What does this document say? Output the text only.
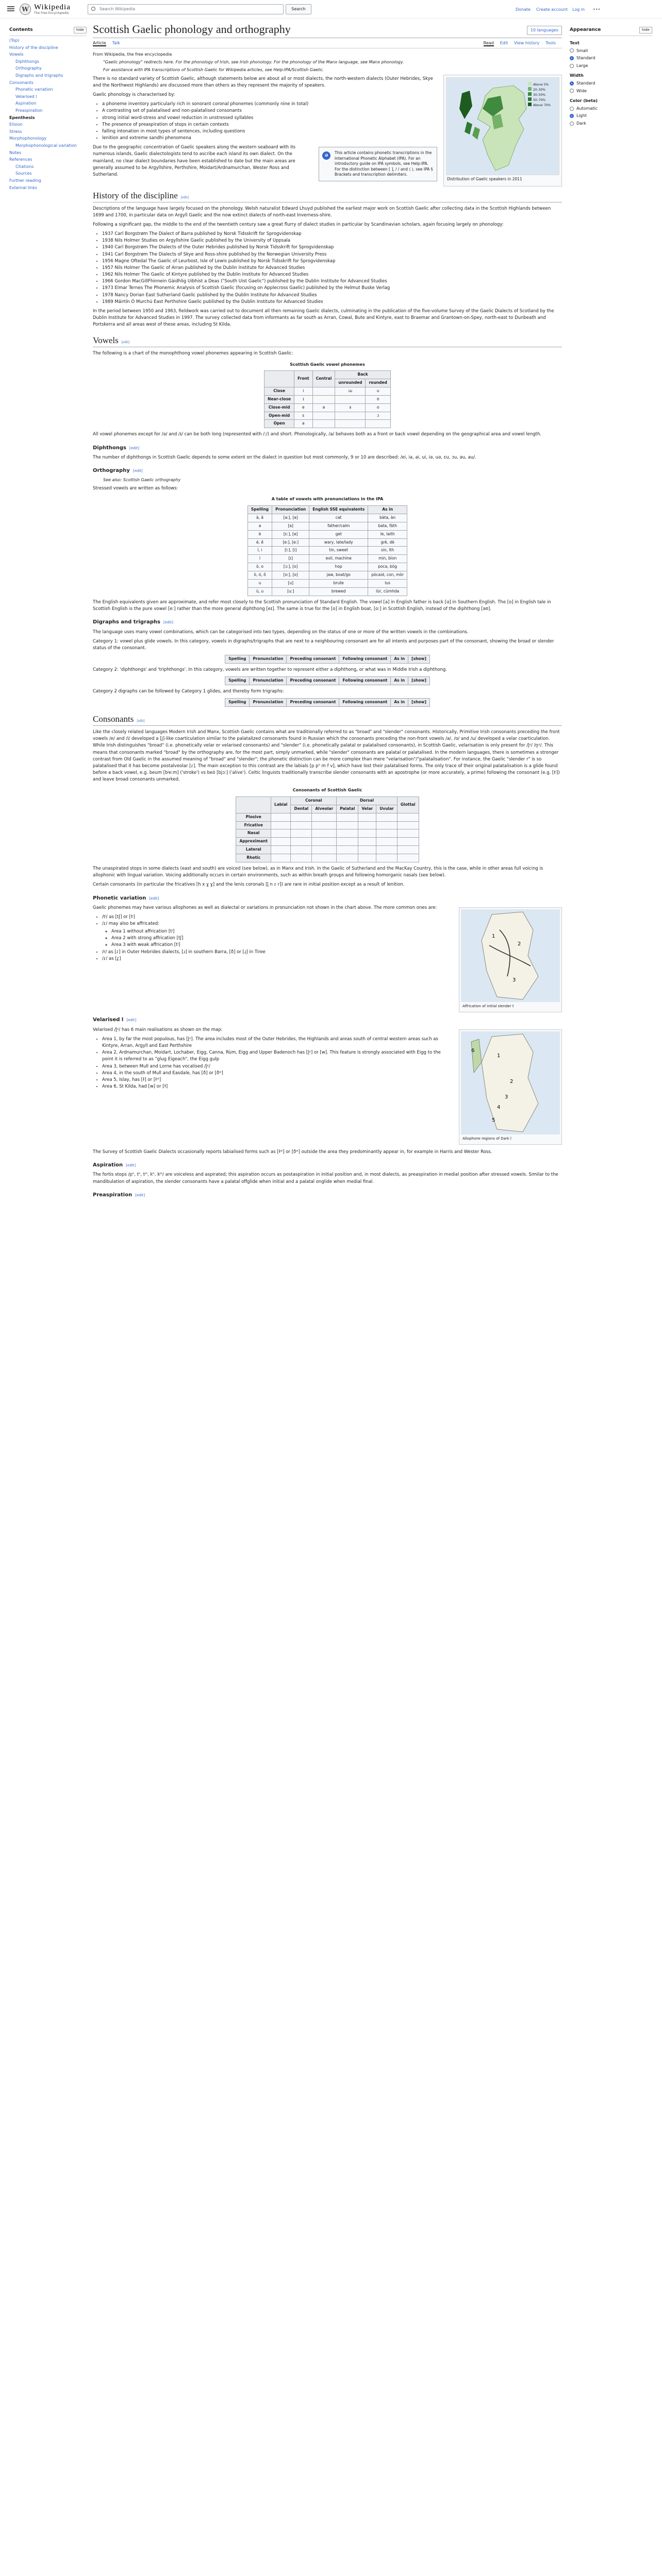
W Wikipedia
The Free Encyclopedia
Search Wikipedia	Search	Donate Create account Log in •••
Contents	hide
(Top)
History of the discipline
Vowels
Diphthongs
Orthography
Digraphs and trigraphs
Consonants
Phonetic variation
Velarised l
Aspiration
Preaspiration
Epenthesis
Elision
Stress
Morphophonology
Morphophonological variation
Notes
References
Citations
Sources
Further reading
External links
Appearance	hide
Text
Small
Standard
Large
Width
Standard
Wide
Color (beta)
Automatic
Light
Dark
Scottish Gaelic phonology and orthography	10 languages
Article Talk	Read Edit View history Tools
From Wikipedia, the free encyclopedia
"Gaelic phonology" redirects here. For the phonology of Irish, see Irish phonology. For the phonology of the Manx language, see Manx phonology.
For assistance with IPA transcriptions of Scottish Gaelic for Wikipedia articles, see Help:IPA/Scottish Gaelic.
Above 5%
20–30%
30–50%
50–70%
Above 70%
Distribution of Gaelic speakers in 2011

There is no standard variety of Scottish Gaelic, although statements below are about all or most dialects, the north-western dialects (Outer Hebrides, Skye and the Northwest Highlands) are discussed more than others as they represent the majority of speakers.

Gaelic phonology is characterised by:

• a phoneme inventory particularly rich in sonorant coronal phonemes (commonly nine in total)
• A contrasting set of palatalised and non-palatalised consonants
• strong initial word-stress and vowel reduction in unstressed syllables
• The presence of preaspiration of stops in certain contexts
• falling intonation in most types of sentences, including questions
• lenition and extreme sandhi phenomena
ə	This article contains phonetic transcriptions in the International Phonetic Alphabet (IPA). For an introductory guide on IPA symbols, see Help:IPA. For the distinction between [ ], / / and ⟨ ⟩, see IPA § Brackets and transcription delimiters.

Due to the geographic concentration of Gaelic speakers along the western seaboard with its numerous islands, Gaelic dialectologists tend to ascribe each island its own dialect. On the mainland, no clear dialect boundaries have been established to date but the main areas are generally assumed to be Argyllshire, Perthshire, Moidart/Ardnamurchan, Wester Ross and Sutherland.

History of the discipline [edit]

Descriptions of the language have largely focused on the phonology. Welsh naturalist Edward Lhuyd published the earliest major work on Scottish Gaelic after collecting data in the Scottish Highlands between 1699 and 1700, in particular data on Argyll Gaelic and the now extinct dialects of north-east Inverness-shire.

Following a significant gap, the middle to the end of the twentieth century saw a great flurry of dialect studies in particular by Scandinavian scholars, again focusing largely on phonology:

• 1937 Carl Borgstrøm The Dialect of Barra published by Norsk Tidsskrift for Sprogvidenskap
• 1938 Nils Holmer Studies on Argyllshire Gaelic published by the University of Uppsala
• 1940 Carl Borgstrøm The Dialects of the Outer Hebrides published by Norsk Tidsskrift for Sprogvidenskap
• 1941 Carl Borgstrøm The Dialects of Skye and Ross-shire published by the Norwegian University Press
• 1956 Magne Oftedal The Gaelic of Leurbost, Isle of Lewis published by Norsk Tidsskrift for Sprogvidenskap
• 1957 Nils Holmer The Gaelic of Arran published by the Dublin Institute for Advanced Studies
• 1962 Nils Holmer The Gaelic of Kintyre published by the Dublin Institute for Advanced Studies
• 1966 Gordon MacGillFhinnein Gàidhlig Uibhist a Deas ("South Uist Gaelic") published by the Dublin Institute for Advanced Studies
• 1973 Elmar Ternes The Phonemic Analysis of Scottish Gaelic (focusing on Applecross Gaelic) published by the Helmut Buske Verlag
• 1978 Nancy Dorian East Sutherland Gaelic published by the Dublin Institute for Advanced Studies
• 1989 Máirtín Ó Murchú East Perthshire Gaelic published by the Dublin Institute for Advanced Studies

In the period between 1950 and 1963, fieldwork was carried out to document all then remaining Gaelic dialects, culminating in the publication of the five-volume Survey of the Gaelic Dialects of Scotland by the Dublin Institute for Advanced Studies in 1997. The survey collected data from informants as far south as Arran, Cowal, Bute and Kintyre, east to Braemar and Grantown-on-Spey, north-east to Dunbeath and Portskerra and all areas west of these areas, including St Kilda.

Vowels [edit]

The following is a chart of the monophthong vowel phonemes appearing in Scottish Gaelic:

Scottish Gaelic vowel phonemes
	Front	Central	Back	
			unrounded	rounded
Close	i		ɯ	u
Near-close	ɪ			ʊ
Close-mid	e	ə	ɤ	o
Open-mid	ɛ			ɔ
Open	a			

All vowel phonemes except for /ə/ and /ɪ/ can be both long (represented with /ː/) and short. Phonologically, /a/ behaves both as a front or back vowel depending on the geographical area and vowel length.

Diphthongs [edit]

The number of diphthongs in Scottish Gaelic depends to some extent on the dialect in question but most commonly, 9 or 10 are described: /ei, ia, ai, ui, iə, uə, ɛu, ɔu, əu, au/.

Orthography [edit]
See also: Scottish Gaelic orthography

Stressed vowels are written as follows:

A table of vowels with pronunciations in the IPA
Spelling	Pronunciation	English SSE equivalents	As in
à, â	[aː], [a]	cat	bàta, àn
a	[a]	father/calm	bata, fàth
è	[ɛː], [e]	get	le, laith
é, ê	[eː], [eː]	wary, late/lady	grè, dè
ì, i	[iː], [i]	tin, sweet	sin, ìth
ì	[ɪ]	evil, machine	min, bìon
ò, o	[ɔː], [o]	hop	poca, bòg
ò, ó, ô	[oː], [o]	jaw, boat/go	pòcaid, con, mòr
u	[u]	brute	lus
ù, u	[uː]	brewed	lùr, cùmhda

The English equivalents given are approximate, and refer most closely to the Scottish pronunciation of Standard English. The vowel [a] in English father is back [ɑ] in Southern English. The [o] in English tale in Scottish English is the pure vowel [eː] rather than the more general diphthong [eɪ]. The same is true for the [o] in English boat, [oː] in Scottish English, instead of the diphthong [əʊ].

Digraphs and trigraphs [edit]

The language uses many vowel combinations, which can be categorised into two types, depending on the status of one or more of the written vowels in the combinations.

Category 1: vowel plus glide vowels. In this category, vowels in digraphs/trigraphs that are next to a neighbouring consonant are for all intents and purposes part of the consonant, showing the broad or slender status of the consonant.

Spelling	Pronunciation	Preceding consonant	Following consonant	As in	[show]

Category 2: 'diphthongs' and 'triphthongs'. In this category, vowels are written together to represent either a diphthong, or what was in Middle Irish a diphthong.

Spelling	Pronunciation	Preceding consonant	Following consonant	As in	[show]

Category 2 digraphs can be followed by Category 1 glides, and thereby form trigraphs:

Spelling	Pronunciation	Preceding consonant	Following consonant	As in	[show]
Consonants [edit]

Like the closely related languages Modern Irish and Manx, Scottish Gaelic contains what are traditionally referred to as "broad" and "slender" consonants. Historically, Primitive Irish consonants preceding the front vowels /e/ and /i/ developed a [j]-like coarticulation similar to the palatalized consonants found in Russian which the consonants preceding the non-front vowels /a/, /o/ and /u/ developed a velar coarticulation. While Irish distinguishes "broad" (i.e. phonetically velar or velarised consonants) and "slender" (i.e. phonetically palatal or palatalised consonants), in Scottish Gaelic, velarisation is only present for /l̪ˠ/ /n̪ˠ/. This means that consonants marked "broad" by the orthography are, for the most part, simply unmarked, while "slender" consonants are palatal or palatalised. In the modern languages, there is sometimes a stronger contrast from Old Gaelic in the assumed meaning of "broad" and "slender"; the phonetic distinction can be more complex than mere "velarisation"/"palatalisation". For instance, the Gaelic "slender r" is so palatalised that it has become postalveolar [ɾ]. The main exception to this contrast are the labials [p pʰ m f v], which have lost their palatalised forms. The only trace of their original palatalisation is a glide found before a back vowel, e.g. beum [bʲeːm] ('stroke') vs beò [bjɔː] ('alive'). Celtic linguists traditionally transcribe slender consonants with an apostrophe (or more accurately, a prime) following the consonant (e.g. [tʲ]) and leave broad consonants unmarked.

Consonants of Scottish Gaelic
	Labial	Coronal		Dorsal			Glottal
		Dental	Alveolar	Palatal	Velar	Uvular	
Plosive							
Fricative							
Nasal							
Approximant							
Lateral							
Rhotic							

The unaspirated stops in some dialects (east and south) are voiced (see below), as in Manx and Irish. In the Gaelic of Sutherland and the MacKay Country, this is the case, while in other areas full voicing is allophonic with lingual variation. Voicing additionally occurs in certain environments, such as within breath groups and following homorganic nasals (see below).

Certain consonants (in particular the fricatives [h x ɣ ɣ] and the lenis coronals [l̪ n ɾ r]) are rare in initial position except as a result of lenition.

Phonetic variation [edit]
1
2
3
Affrication of initial slender t

Gaelic phonemes may have various allophones as well as dialectal or variations in pronunciation not shown in the chart above. The more common ones are:

• /tʲ/ as [tʃ] or [tʲ]
• /ɾ/ may also be affricated:
◦ Area 1 without affrication [tʲ]
◦ Area 2 with strong affrication [tʃ]
◦ Area 3 with weak affrication [tʲ]
• /r/ as [ɾ] in Outer Hebrides dialects, [ɹ] in southern Barra, [ð] or [ɹ̠] in Tiree
• /ɾ/ as [ɾ̪]
Velarised l [edit]
1
2
3
4
5
6
Allophone regions of Dark l

Velarised /l̪ˠ/ has 6 main realisations as shown on the map:

• Area 1, by far the most populous, has [l̪ˠ]. The area includes most of the Outer Hebrides, the Highlands and areas south of central western areas such as Kintyre, Arran, Argyll and East Perthshire
• Area 2, Ardnamurchan, Moidart, Lochaber, Eigg, Canna, Rùm, Eigg and Upper Badenoch has [l̪ˠ] or [w]. This feature is strongly associated with Eigg to the point it is referred to as "glug Eigeach", the Eigg gulp
• Area 3, between Mull and Lorne has vocalised /l̪ˠ/
• Area 4, in the south of Mull and Easdale, has [ð] or [ðʷ]
• Area 5, Islay, has [ɫ] or [ɫʷ]
• Area 6, St Kilda, had [w] or [ɫ]

The Survey of Scottish Gaelic Dialects occasionally reports labialised forms such as [ɫʷ] or [ðʷ] outside the area they predominantly appear in, for example in Harris and Wester Ross.

Aspiration [edit]

The fortis stops /pʰ, tʰ, tʲʰ, kʰ, kʲʰ/ are voiceless and aspirated; this aspiration occurs as postaspiration in initial position and, in most dialects, as preaspiration in medial position after stressed vowels. Similar to the mandibulation of aspiration, the slender consonants have a palatal offglide when initial and a palatal onglide when medial final.

Preaspiration [edit]
